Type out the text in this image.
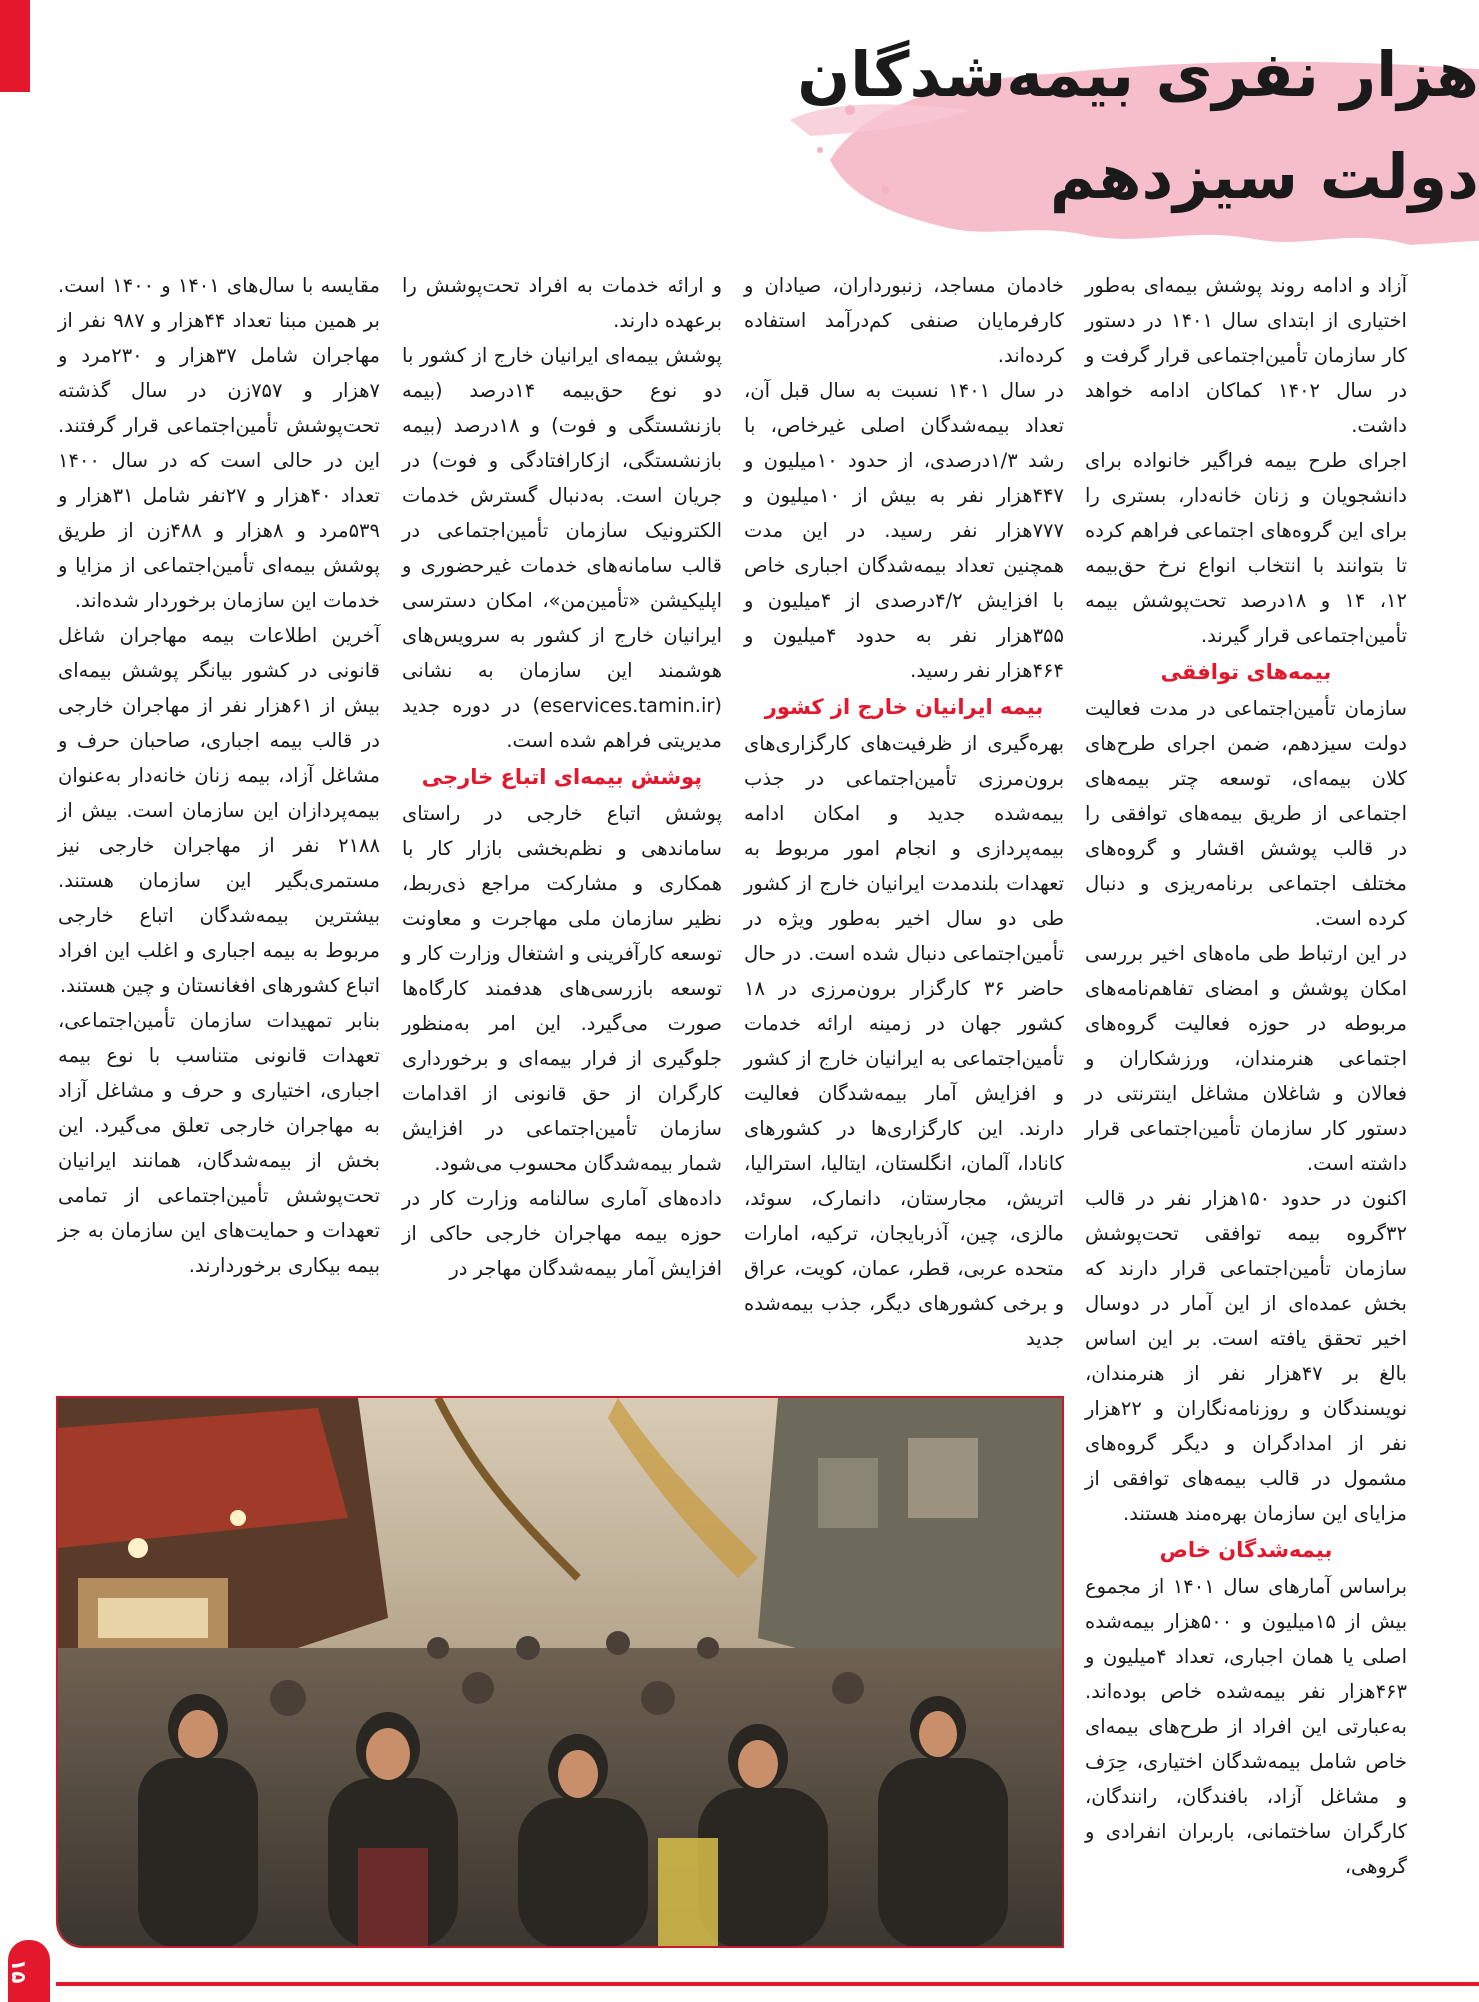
هزار نفری بیمه‌شدگان
دولت سیزدهم

آزاد و ادامه روند پوشش بیمه‌ای به‌طور اختیاری از ابتدای سال ۱۴۰۱ در دستور کار سازمان تأمین‌اجتماعی قرار گرفت و در سال ۱۴۰۲ کماکان ادامه خواهد داشت.

اجرای طرح بیمه فراگیر خانواده برای دانشجویان و زنان خانه‌دار، بستری را برای این گروه‌های اجتماعی فراهم کرده تا بتوانند با انتخاب انواع نرخ حق‌بیمه ۱۲، ۱۴ و ۱۸درصد تحت‌پوشش بیمه تأمین‌اجتماعی قرار گیرند.

بیمه‌های توافقی

سازمان تأمین‌اجتماعی در مدت فعالیت دولت سیزدهم، ضمن اجرای طرح‌های کلان بیمه‌ای، توسعه چتر بیمه‌های اجتماعی از طریق بیمه‌های توافقی را در قالب پوشش اقشار و گروه‌های مختلف اجتماعی برنامه‌ریزی و دنبال کرده است.

در این ارتباط طی ماه‌های اخیر بررسی امکان پوشش و امضای تفاهم‌نامه‌های مربوطه در حوزه فعالیت گروه‌های اجتماعی هنرمندان، ورزشکاران و فعالان و شاغلان مشاغل اینترنتی در دستور کار سازمان تأمین‌اجتماعی قرار داشته است.

اکنون در حدود ۱۵۰هزار نفر در قالب ۳۲گروه بیمه توافقی تحت‌پوشش سازمان تأمین‌اجتماعی قرار دارند که بخش عمده‌ای از این آمار در دوسال اخیر تحقق یافته است. بر این اساس بالغ بر ۴۷هزار نفر از هنرمندان، نویسندگان و روزنامه‌نگاران و ۲۲هزار نفر از امدادگران و دیگر گروه‌های مشمول در قالب بیمه‌های توافقی از مزایای این سازمان بهره‌مند هستند.

بیمه‌شدگان خاص

براساس آمارهای سال ۱۴۰۱ از مجموع بیش از ۱۵میلیون و ۵۰۰هزار بیمه‌شده اصلی یا همان اجباری، تعداد ۴میلیون و ۴۶۳هزار نفر بیمه‌شده خاص بوده‌اند. به‌عبارتی این افراد از طرح‌های بیمه‌ای خاص شامل بیمه‌شدگان اختیاری، حِرَف و مشاغل آزاد، بافندگان، رانندگان، کارگران ساختمانی، باربران انفرادی و گروهی،

خادمان مساجد، زنبورداران، صیادان و کارفرمایان صنفی کم‌درآمد استفاده کرده‌اند.

در سال ۱۴۰۱ نسبت به سال قبل آن، تعداد بیمه‌شدگان اصلی غیرخاص، با رشد ۱/۳درصدی، از حدود ۱۰میلیون و ۴۴۷هزار نفر به بیش از ۱۰میلیون و ۷۷۷هزار نفر رسید. در این مدت همچنین تعداد بیمه‌شدگان اجباری خاص با افزایش ۴/۲درصدی از ۴میلیون و ۳۵۵هزار نفر به حدود ۴میلیون و ۴۶۴هزار نفر رسید.

بیمه ایرانیان خارج از کشور

بهره‌گیری از ظرفیت‌های کارگزاری‌های برون‌مرزی تأمین‌اجتماعی در جذب بیمه‌شده جدید و امکان ادامه بیمه‌پردازی و انجام امور مربوط به تعهدات بلندمدت ایرانیان خارج از کشور طی دو سال اخیر به‌طور ویژه در تأمین‌اجتماعی دنبال شده است. در حال حاضر ۳۶ کارگزار برون‌مرزی در ۱۸ کشور جهان در زمینه ارائه خدمات تأمین‌اجتماعی به ایرانیان خارج از کشور و افزایش آمار بیمه‌شدگان فعالیت دارند. این کارگزاری‌ها در کشورهای کانادا، آلمان، انگلستان، ایتالیا، استرالیا، اتریش، مجارستان، دانمارک، سوئد، مالزی، چین، آذربایجان، ترکیه، امارات متحده عربی، قطر، عمان، کویت، عراق و برخی کشورهای دیگر، جذب بیمه‌شده جدید

و ارائه خدمات به افراد تحت‌پوشش را برعهده دارند.

پوشش بیمه‌ای ایرانیان خارج از کشور با دو نوع حق‌بیمه ۱۴درصد (بیمه بازنشستگی و فوت) و ۱۸درصد (بیمه بازنشستگی، ازکارافتادگی و فوت) در جریان است. به‌دنبال گسترش خدمات الکترونیک سازمان تأمین‌اجتماعی در قالب سامانه‌های خدمات غیرحضوری و اپلیکیشن «تأمین‌من»، امکان دسترسی ایرانیان خارج از کشور به سرویس‌های هوشمند این سازمان به نشانی (eservices.tamin.ir) در دوره جدید مدیریتی فراهم شده است.

پوشش بیمه‌ای اتباع خارجی

پوشش اتباع خارجی در راستای ساماندهی و نظم‌بخشی بازار کار با همکاری و مشارکت مراجع ذی‌ربط، نظیر سازمان ملی مهاجرت و معاونت توسعه کارآفرینی و اشتغال وزارت کار و توسعه بازرسی‌های هدفمند کارگاه‌ها صورت می‌گیرد. این امر به‌منظور جلوگیری از فرار بیمه‌ای و برخورداری کارگران از حق قانونی از اقدامات سازمان تأمین‌اجتماعی در افزایش شمار بیمه‌شدگان محسوب می‌شود.

داده‌های آماری سالنامه وزارت کار در حوزه بیمه مهاجران خارجی حاکی از افزایش آمار بیمه‌شدگان مهاجر در

مقایسه با سال‌های ۱۴۰۱ و ۱۴۰۰ است. بر همین مبنا تعداد ۴۴هزار و ۹۸۷ نفر از مهاجران شامل ۳۷هزار و ۲۳۰مرد و ۷هزار و ۷۵۷زن در سال گذشته تحت‌پوشش تأمین‌اجتماعی قرار گرفتند. این در حالی است که در سال ۱۴۰۰ تعداد ۴۰هزار و ۲۷نفر شامل ۳۱هزار و ۵۳۹مرد و ۸هزار و ۴۸۸زن از طریق پوشش بیمه‌ای تأمین‌اجتماعی از مزایا و خدمات این سازمان برخوردار شده‌اند.

آخرین اطلاعات بیمه مهاجران شاغل قانونی در کشور بیانگر پوشش بیمه‌ای بیش از ۶۱هزار نفر از مهاجران خارجی در قالب بیمه اجباری، صاحبان حرف و مشاغل آزاد، بیمه زنان خانه‌دار به‌عنوان بیمه‌پردازان این سازمان است. بیش از ۲۱۸۸ نفر از مهاجران خارجی نیز مستمری‌بگیر این سازمان هستند. بیشترین بیمه‌شدگان اتباع خارجی مربوط به بیمه اجباری و اغلب این افراد اتباع کشورهای افغانستان و چین هستند.

بنابر تمهیدات سازمان تأمین‌اجتماعی، تعهدات قانونی متناسب با نوع بیمه اجباری، اختیاری و حرف و مشاغل آزاد به مهاجران خارجی تعلق می‌گیرد. این بخش از بیمه‌شدگان، همانند ایرانیان تحت‌پوشش تأمین‌اجتماعی از تمامی تعهدات و حمایت‌های این سازمان به جز بیمه بیکاری برخوردارند.

۱۵
